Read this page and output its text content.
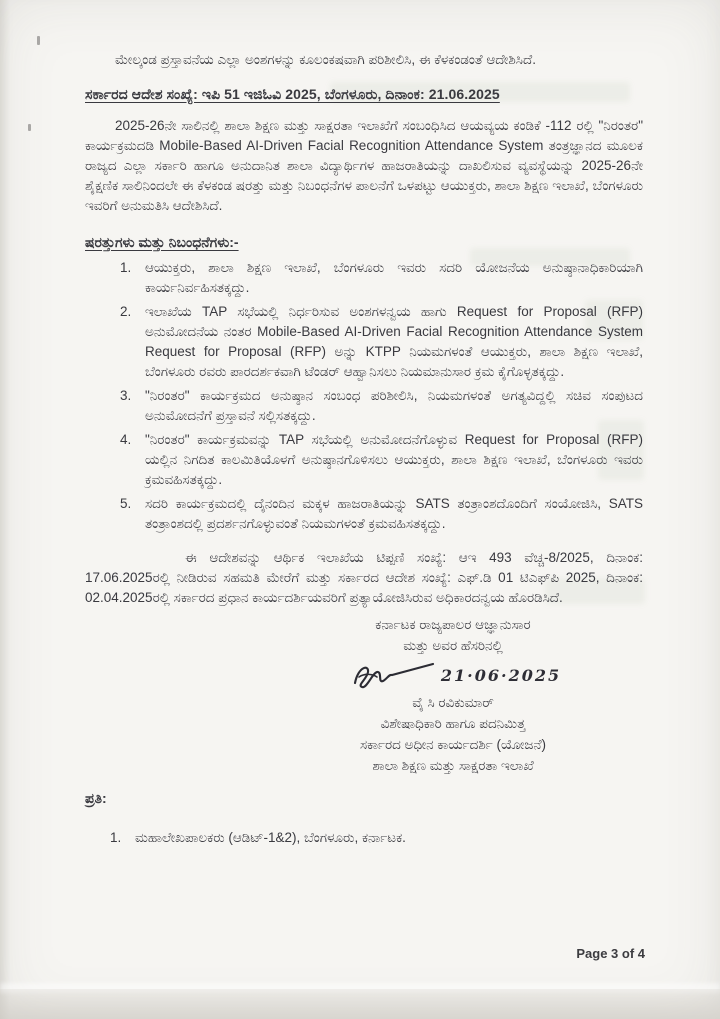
ಮೇಲ್ಕಂಡ ಪ್ರಸ್ತಾವನೆಯ ಎಲ್ಲಾ ಅಂಶಗಳನ್ನು ಕೂಲಂಕಷವಾಗಿ ಪರಿಶೀಲಿಸಿ, ಈ ಕೆಳಕಂಡಂತೆ ಆದೇಶಿಸಿದೆ.

ಸರ್ಕಾರದ ಆದೇಶ ಸಂಖ್ಯೆ: ಇಪಿ 51 ಇಜಿಓವಿ 2025, ಬೆಂಗಳೂರು, ದಿನಾಂಕ: 21.06.2025

2025-26ನೇ ಸಾಲಿನಲ್ಲಿ ಶಾಲಾ ಶಿಕ್ಷಣ ಮತ್ತು ಸಾಕ್ಷರತಾ ಇಲಾಖೆಗೆ ಸಂಬಂಧಿಸಿದ ಆಯವ್ಯಯ ಕಂಡಿಕೆ -112 ರಲ್ಲಿ "ನಿರಂತರ" ಕಾರ್ಯಕ್ರಮದಡಿ Mobile-Based AI-Driven Facial Recognition Attendance System ತಂತ್ರಜ್ಞಾನದ ಮೂಲಕ ರಾಜ್ಯದ ಎಲ್ಲಾ ಸರ್ಕಾರಿ ಹಾಗೂ ಅನುದಾನಿತ ಶಾಲಾ ವಿದ್ಯಾರ್ಥಿಗಳ ಹಾಜರಾತಿಯನ್ನು ದಾಖಲಿಸುವ ವ್ಯವಸ್ಥೆಯನ್ನು 2025-26ನೇ ಶೈಕ್ಷಣಿಕ ಸಾಲಿನಿಂದಲೇ ಈ ಕೆಳಕಂಡ ಷರತ್ತು ಮತ್ತು ನಿಬಂಧನೆಗಳ ಪಾಲನೆಗೆ ಒಳಪಟ್ಟು ಆಯುಕ್ತರು, ಶಾಲಾ ಶಿಕ್ಷಣ ಇಲಾಖೆ, ಬೆಂಗಳೂರು ಇವರಿಗೆ ಅನುಮತಿಸಿ ಆದೇಶಿಸಿದೆ.

ಷರತ್ತುಗಳು ಮತ್ತು ನಿಬಂಧನೆಗಳು:-

1. ಆಯುಕ್ತರು, ಶಾಲಾ ಶಿಕ್ಷಣ ಇಲಾಖೆ, ಬೆಂಗಳೂರು ಇವರು ಸದರಿ ಯೋಜನೆಯ ಅನುಷ್ಠಾನಾಧಿಕಾರಿಯಾಗಿ ಕಾರ್ಯನಿರ್ವಹಿಸತಕ್ಕದ್ದು.
2. ಇಲಾಖೆಯ TAP ಸಭೆಯಲ್ಲಿ ನಿರ್ಧರಿಸುವ ಅಂಶಗಳನ್ವಯ ಹಾಗು Request for Proposal (RFP) ಅನುಮೋದನೆಯ ನಂತರ Mobile-Based AI-Driven Facial Recognition Attendance System Request for Proposal (RFP) ಅನ್ನು KTPP ನಿಯಮಗಳಂತೆ ಆಯುಕ್ತರು, ಶಾಲಾ ಶಿಕ್ಷಣ ಇಲಾಖೆ, ಬೆಂಗಳೂರು ರವರು ಪಾರದರ್ಶಕವಾಗಿ ಟೆಂಡರ್ ಆಹ್ವಾನಿಸಲು ನಿಯಮಾನುಸಾರ ಕ್ರಮ ಕೈಗೊಳ್ಳತಕ್ಕದ್ದು.
3. "ನಿರಂತರ" ಕಾರ್ಯಕ್ರಮದ ಅನುಷ್ಠಾನ ಸಂಬಂಧ ಪರಿಶೀಲಿಸಿ, ನಿಯಮಗಳಂತೆ ಅಗತ್ಯವಿದ್ದಲ್ಲಿ ಸಚಿವ ಸಂಪುಟದ ಅನುಮೋದನೆಗೆ ಪ್ರಸ್ತಾವನೆ ಸಲ್ಲಿಸತಕ್ಕದ್ದು.
4. "ನಿರಂತರ" ಕಾರ್ಯಕ್ರಮವನ್ನು TAP ಸಭೆಯಲ್ಲಿ ಅನುಮೋದನೆಗೊಳ್ಳುವ Request for Proposal (RFP) ಯಲ್ಲಿನ ನಿಗದಿತ ಕಾಲಮಿತಿಯೊಳಗೆ ಅನುಷ್ಠಾನಗೊಳಿಸಲು ಆಯುಕ್ತರು, ಶಾಲಾ ಶಿಕ್ಷಣ ಇಲಾಖೆ, ಬೆಂಗಳೂರು ಇವರು ಕ್ರಮವಹಿಸತಕ್ಕದ್ದು.
5. ಸದರಿ ಕಾರ್ಯಕ್ರಮದಲ್ಲಿ ದೈನಂದಿನ ಮಕ್ಕಳ ಹಾಜರಾತಿಯನ್ನು SATS ತಂತ್ರಾಂಶದೊಂದಿಗೆ ಸಂಯೋಜಿಸಿ, SATS ತಂತ್ರಾಂಶದಲ್ಲಿ ಪ್ರದರ್ಶನಗೊಳ್ಳುವಂತೆ ನಿಯಮಗಳಂತೆ ಕ್ರಮವಹಿಸತಕ್ಕದ್ದು.

ಈ ಆದೇಶವನ್ನು ಆರ್ಥಿಕ ಇಲಾಖೆಯ ಟಿಪ್ಪಣಿ ಸಂಖ್ಯೆ: ಆಇ 493 ವೆಚ್ಚ-8/2025, ದಿನಾಂಕ: 17.06.2025ರಲ್ಲಿ ನೀಡಿರುವ ಸಹಮತಿ ಮೇರೆಗೆ ಮತ್ತು ಸರ್ಕಾರದ ಆದೇಶ ಸಂಖ್ಯೆ: ಎಫ್.ಡಿ 01 ಟಿಎಫ್‌ಪಿ 2025, ದಿನಾಂಕ: 02.04.2025ರಲ್ಲಿ ಸರ್ಕಾರದ ಪ್ರಧಾನ ಕಾರ್ಯದರ್ಶಿಯವರಿಗೆ ಪ್ರತ್ಯಾಯೋಜಿಸಿರುವ ಅಧಿಕಾರದನ್ವಯ ಹೊರಡಿಸಿದೆ.

ಕರ್ನಾಟಕ ರಾಜ್ಯಪಾಲರ ಆಜ್ಞಾನುಸಾರ
ಮತ್ತು ಅವರ ಹೆಸರಿನಲ್ಲಿ
21·06·2025
ವೈ ಸಿ ರವಿಕುಮಾರ್
ವಿಶೇಷಾಧಿಕಾರಿ ಹಾಗೂ ಪದನಿಮಿತ್ತ
ಸರ್ಕಾರದ ಅಧೀನ ಕಾರ್ಯದರ್ಶಿ (ಯೋಜನೆ)
ಶಾಲಾ ಶಿಕ್ಷಣ ಮತ್ತು ಸಾಕ್ಷರತಾ ಇಲಾಖೆ

ಪ್ರತಿ:

1. ಮಹಾಲೇಖಪಾಲಕರು (ಆಡಿಟ್-1&2), ಬೆಂಗಳೂರು, ಕರ್ನಾಟಕ.
Page 3 of 4
